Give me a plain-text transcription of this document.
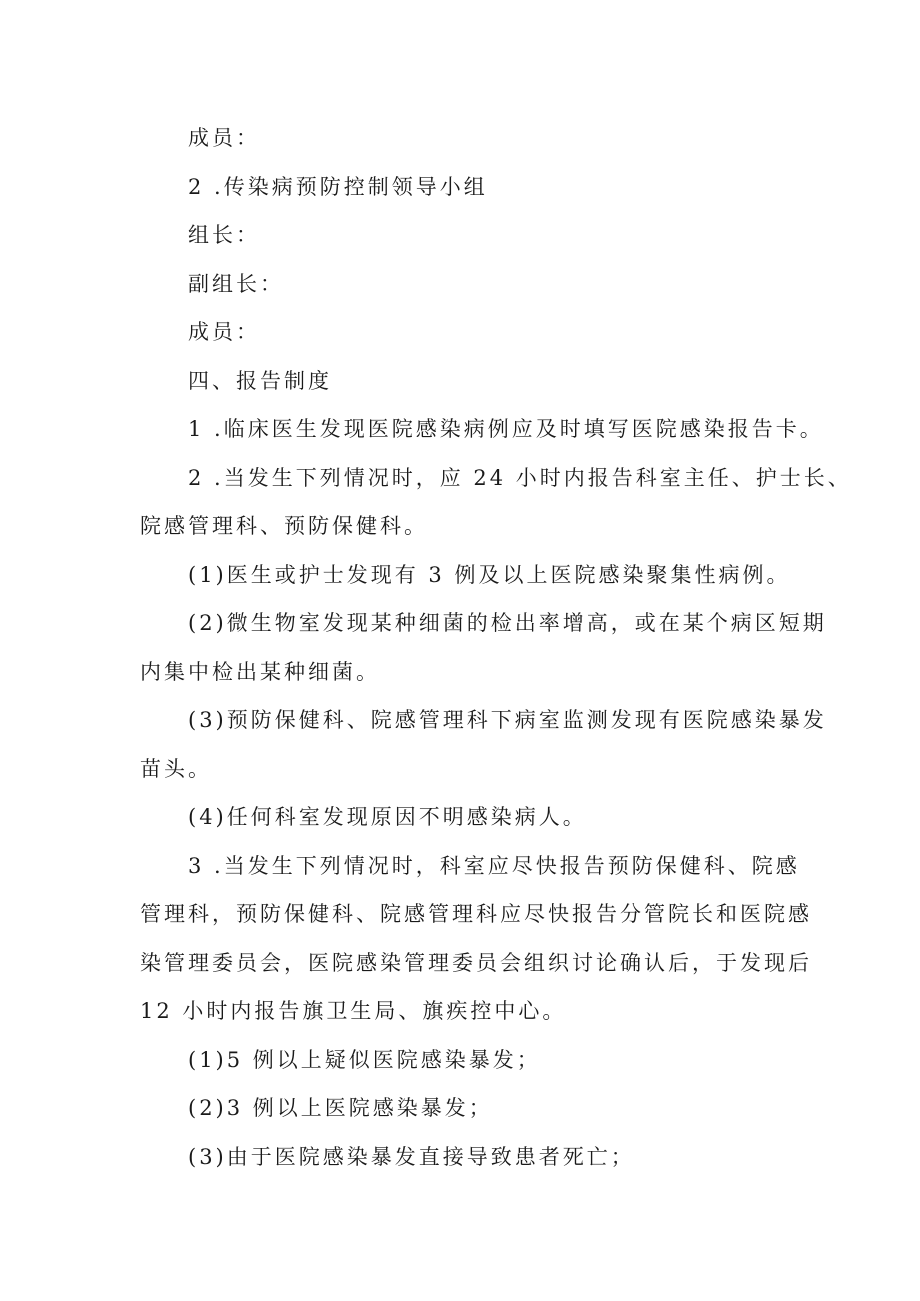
成员：
2 .传染病预防控制领导小组
组长：
副组长：
成员：
四、报告制度
1 .临床医生发现医院感染病例应及时填写医院感染报告卡。
2 .当发生下列情况时，应 24 小时内报告科室主任、护士长、
院感管理科、预防保健科。
(1)医生或护士发现有 3 例及以上医院感染聚集性病例。
(2)微生物室发现某种细菌的检出率增高，或在某个病区短期
内集中检出某种细菌。
(3)预防保健科、院感管理科下病室监测发现有医院感染暴发
苗头。
(4)任何科室发现原因不明感染病人。
3 .当发生下列情况时，科室应尽快报告预防保健科、院感
管理科，预防保健科、院感管理科应尽快报告分管院长和医院感
染管理委员会，医院感染管理委员会组织讨论确认后，于发现后
12 小时内报告旗卫生局、旗疾控中心。
(1)5 例以上疑似医院感染暴发；
(2)3 例以上医院感染暴发；
(3)由于医院感染暴发直接导致患者死亡；
